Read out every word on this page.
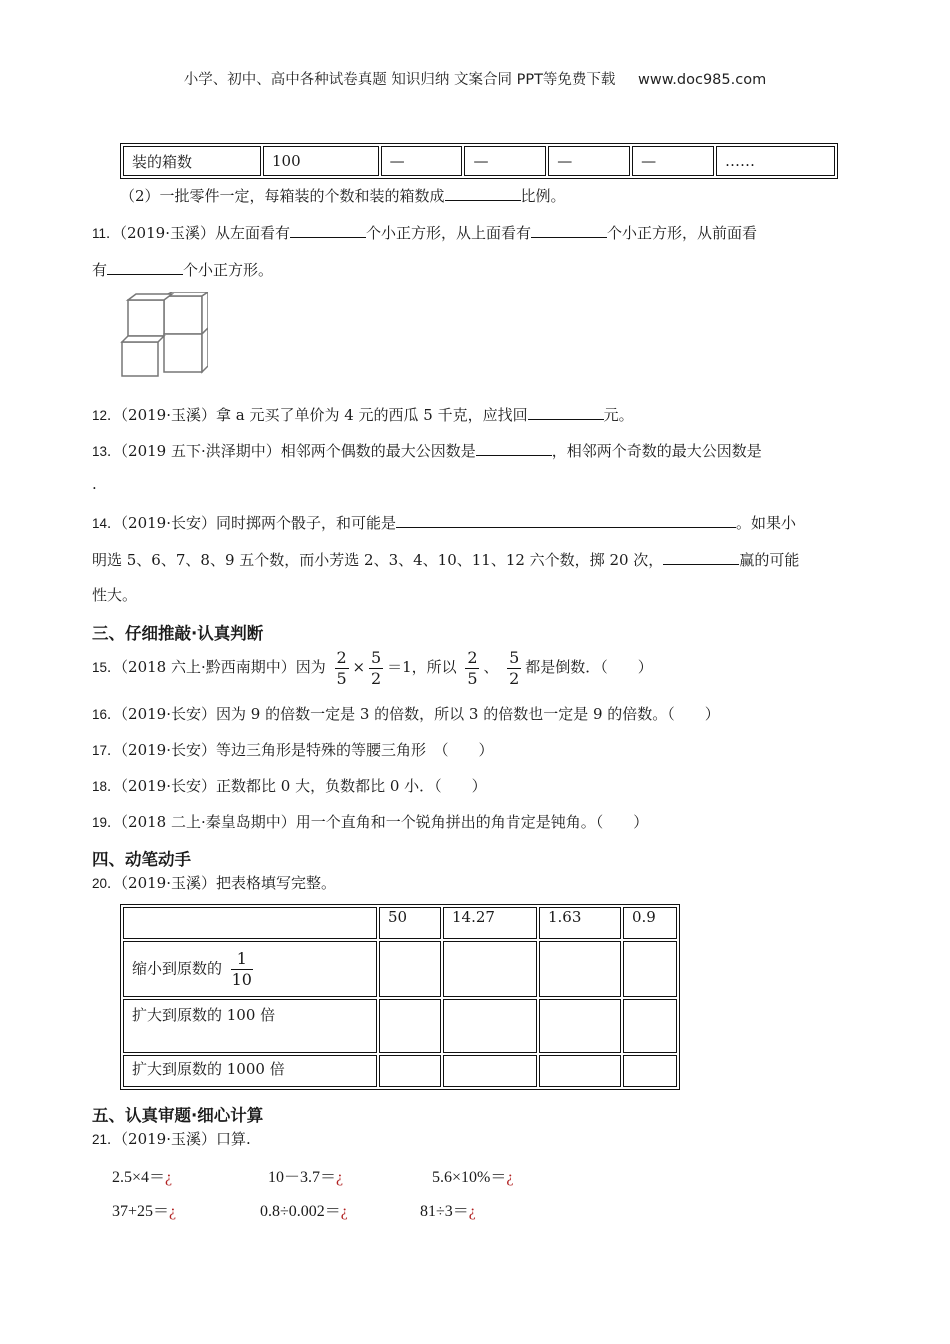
小学、初中、高中各种试卷真题 知识归纳 文案合同 PPT等免费下载 www.doc985.com
装的箱数	100	—	—	—	—	……
（2）一批零件一定，每箱装的个数和装的箱数成	比例。
11．（2019·玉溪）从左面看有	个小正方形，从上面看有	个小正方形，从前面看
有	个小正方形。
12．（2019·玉溪）拿 a 元买了单价为 4 元的西瓜 5 千克，应找回	元。
13．（2019 五下·洪泽期中）相邻两个偶数的最大公因数是	，相邻两个奇数的最大公因数是
.
14．（2019·长安）同时掷两个骰子，和可能是	。如果小
明选 5、6、7、8、9 五个数，而小芳选 2、3、4、10、11、12 六个数，掷 20 次，	赢的可能
性大。
三、仔细推敲·认真判断
15．（2018 六上·黔西南期中）因为 $\frac{2}{5} \times \frac{5}{2} =1$，所以 $\frac{2}{5}$ 、 $\frac{5}{2}$ 都是倒数．（　　）
16．（2019·长安）因为 9 的倍数一定是 3 的倍数，所以 3 的倍数也一定是 9 的倍数。（　　）
17．（2019·长安）等边三角形是特殊的等腰三角形　（　　）
18．（2019·长安）正数都比 0 大，负数都比 0 小．（　　）
19．（2018 二上·秦皇岛期中）用一个直角和一个锐角拼出的角肯定是钝角。（　　）
四、动笔动手
20．（2019·玉溪）把表格填写完整。
	50	14.27	1.63	0.9
缩小到原数的 $\frac{1}{10}$

扩大到原数的 100 倍				
扩大到原数的 1000 倍				
五、认真审题·细心计算
21．（2019·玉溪）口算.
2.5×4＝¿	10－3.7＝¿	5.6×10%＝¿
37+25＝¿	0.8÷0.002＝¿	81÷3＝¿
